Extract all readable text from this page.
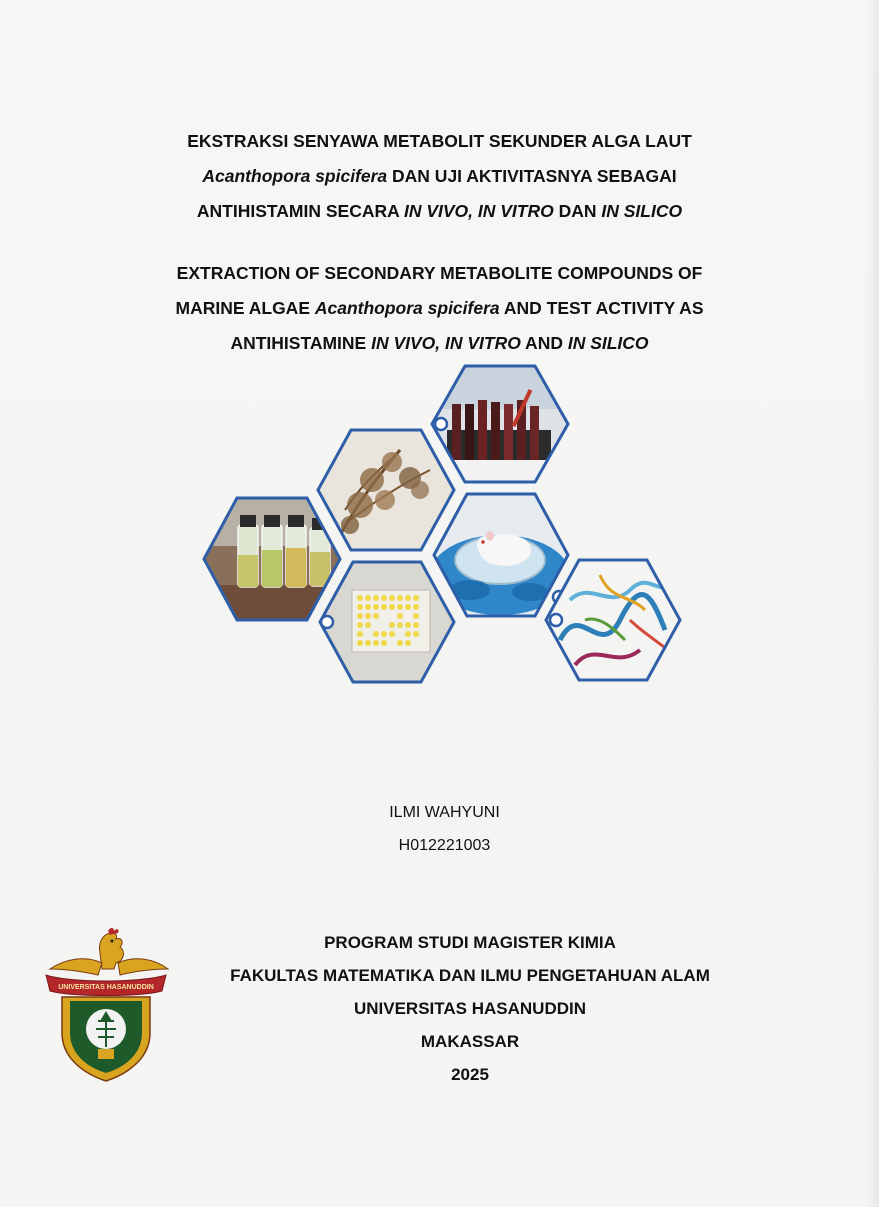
EKSTRAKSI SENYAWA METABOLIT SEKUNDER ALGA LAUT
Acanthopora spicifera DAN UJI AKTIVITASNYA SEBAGAI
ANTIHISTAMIN SECARA IN VIVO, IN VITRO DAN IN SILICO
EXTRACTION OF SECONDARY METABOLITE COMPOUNDS OF
MARINE ALGAE Acanthopora spicifera AND TEST ACTIVITY AS
ANTIHISTAMINE IN VIVO, IN VITRO AND IN SILICO
ILMI WAHYUNI
H012221003
UNIVERSITAS HASANUDDIN
PROGRAM STUDI MAGISTER KIMIA
FAKULTAS MATEMATIKA DAN ILMU PENGETAHUAN ALAM
UNIVERSITAS HASANUDDIN
MAKASSAR
2025
